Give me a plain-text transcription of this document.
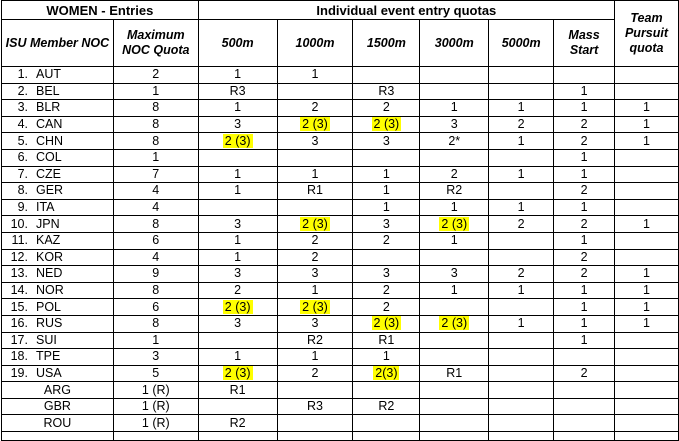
WOMEN - Entries		Individual event entry quotas						Team Pursuit quota
ISU Member NOC	Maximum NOC Quota	500m	1000m	1500m	3000m	5000m	Mass Start	
1. AUT	2	1	1					
2. BEL	1	R3		R3			1	
3. BLR	8	1	2	2	1	1	1	1
4. CAN	8	3	2 (3)	2 (3)	3	2	2	1
5. CHN	8	2 (3)	3	3	2*	1	2	1
6. COL	1						1	
7. CZE	7	1	1	1	2	1	1	
8. GER	4	1	R1	1	R2		2	
9. ITA	4			1	1	1	1	
10. JPN	8	3	2 (3)	3	2 (3)	2	2	1
11. KAZ	6	1	2	2	1		1	
12. KOR	4	1	2				2	
13. NED	9	3	3	3	3	2	2	1
14. NOR	8	2	1	2	1	1	1	1
15. POL	6	2 (3)	2 (3)	2			1	1
16. RUS	8	3	3	2 (3)	2 (3)	1	1	1
17. SUI	1		R2	R1			1	
18. TPE	3	1	1	1				
19. USA	5	2 (3)	2	2(3)	R1		2	
ARG	1 (R)	R1						
GBR	1 (R)		R3	R2				
ROU	1 (R)	R2						
